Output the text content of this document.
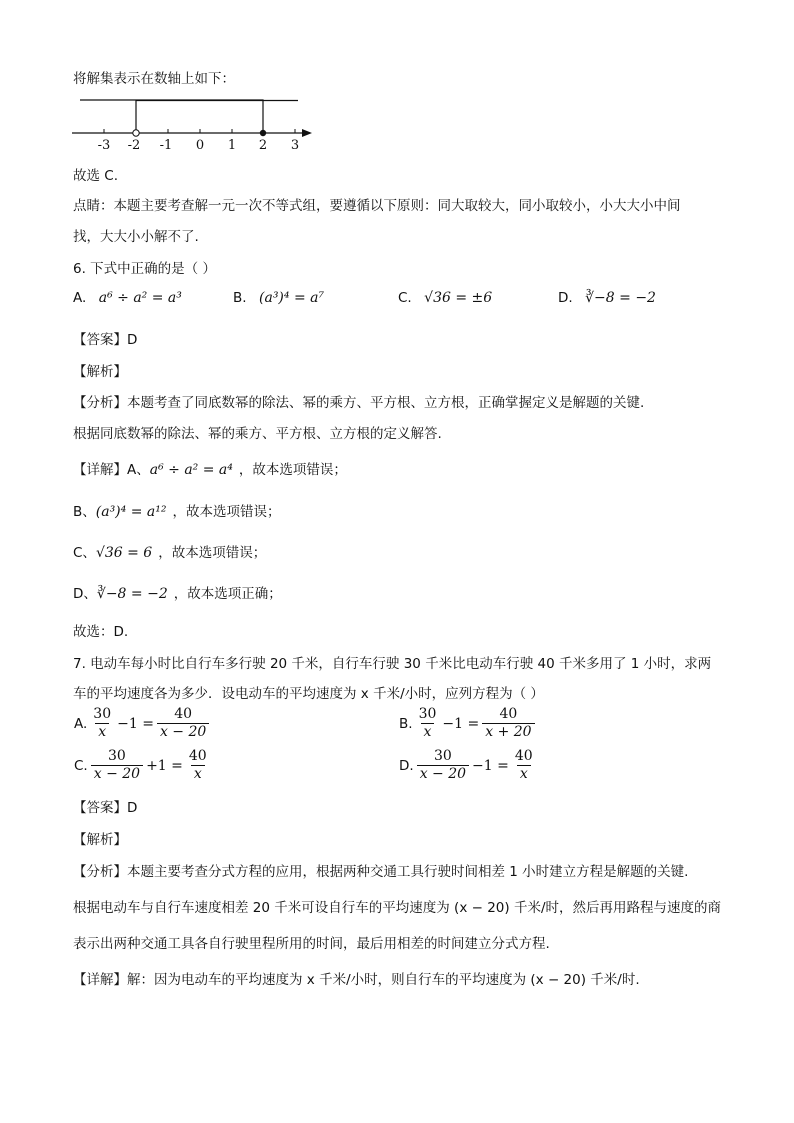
将解集表示在数轴上如下：
-3 -2 -1 0 1 2 3
故选 C.
点睛：本题主要考查解一元一次不等式组，要遵循以下原则：同大取较大，同小取较小，小大大小中间
找，大大小小解不了.
6. 下式中正确的是（ ）
A. a⁶ ÷ a² = a³	B. (a³)⁴ = a⁷	C. √36 = ±6	D. ∛−8 = −2
【答案】D
【解析】
【分析】本题考查了同底数幂的除法、幂的乘方、平方根、立方根，正确掌握定义是解题的关键.
根据同底数幂的除法、幂的乘方、平方根、立方根的定义解答.
【详解】A、a⁶ ÷ a² = a⁴ ，故本选项错误；
B、(a³)⁴ = a¹² ，故本选项错误；
C、√36 = 6 ，故本选项错误；
D、∛−8 = −2 ，故本选项正确；
故选：D.
7. 电动车每小时比自行车多行驶 20 千米，自行车行驶 30 千米比电动车行驶 40 千米多用了 1 小时，求两
车的平均速度各为多少．设电动车的平均速度为 x 千米/小时，应列方程为（ ）
A. $\frac{30}{x} -1 = \frac{40}{x - 20}$	B. $\frac{30}{x} -1 = \frac{40}{x + 20}$
C. $\frac{30}{x - 20} +1 = \frac{40}{x}$	D. $\frac{30}{x - 20} -1 = \frac{40}{x}$
【答案】D
【解析】
【分析】本题主要考查分式方程的应用，根据两种交通工具行驶时间相差 1 小时建立方程是解题的关键.
根据电动车与自行车速度相差 20 千米可设自行车的平均速度为 (x − 20) 千米/时，然后再用路程与速度的商
表示出两种交通工具各自行驶里程所用的时间，最后用相差的时间建立分式方程.
【详解】解：因为电动车的平均速度为 x 千米/小时，则自行车的平均速度为 (x − 20) 千米/时.
